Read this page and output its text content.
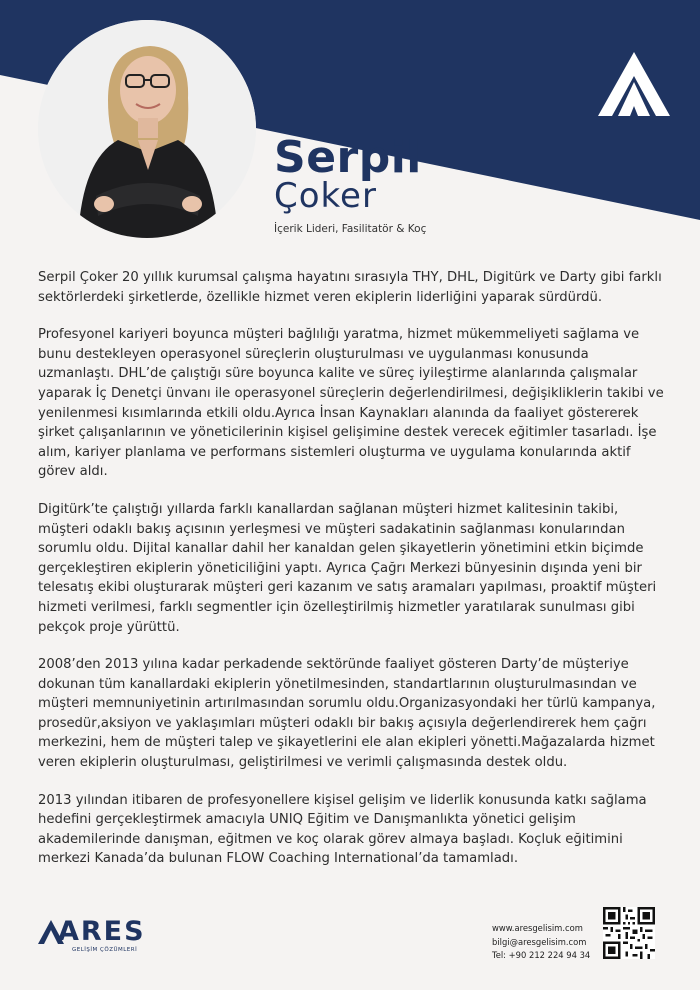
Serpil
Çoker
İçerik Lideri, Fasilitatör & Koç

Serpil Çoker 20 yıllık kurumsal çalışma hayatını sırasıyla THY, DHL, Digitürk ve Darty gibi farklı sektörlerdeki şirketlerde, özellikle hizmet veren ekiplerin liderliğini yaparak sürdürdü.

Profesyonel kariyeri boyunca müşteri bağlılığı yaratma, hizmet mükemmeliyeti sağlama ve bunu destekleyen operasyonel süreçlerin oluşturulması ve uygulanması konusunda uzmanlaştı. DHL’de çalıştığı süre boyunca kalite ve süreç iyileştirme alanlarında çalışmalar yaparak İç Denetçi ünvanı ile operasyonel süreçlerin değerlendirilmesi, değişikliklerin takibi ve yenilenmesi kısımlarında etkili oldu.Ayrıca İnsan Kaynakları alanında da faaliyet göstererek şirket çalışanlarının ve yöneticilerinin kişisel gelişimine destek verecek eğitimler tasarladı. İşe alım, kariyer planlama ve performans sistemleri oluşturma ve uygulama konularında aktif görev aldı.

Digitürk’te çalıştığı yıllarda farklı kanallardan sağlanan müşteri hizmet kalitesinin takibi, müşteri odaklı bakış açısının yerleşmesi ve müşteri sadakatinin sağlanması konularından sorumlu oldu. Dijital kanallar dahil her kanaldan gelen şikayetlerin yönetimini etkin biçimde gerçekleştiren ekiplerin yöneticiliğini yaptı. Ayrıca Çağrı Merkezi bünyesinin dışında yeni bir telesatış ekibi oluşturarak müşteri geri kazanım ve satış aramaları yapılması, proaktif müşteri hizmeti verilmesi, farklı segmentler için özelleştirilmiş hizmetler yaratılarak sunulması gibi pekçok proje yürüttü.

2008’den 2013 yılına kadar perkadende sektöründe faaliyet gösteren Darty’de müşteriye dokunan tüm kanallardaki ekiplerin yönetilmesinden, standartlarının oluşturulmasından ve müşteri memnuniyetinin artırılmasından sorumlu oldu.Organizasyondaki her türlü kampanya, prosedür,aksiyon ve yaklaşımları müşteri odaklı bir bakış açısıyla değerlendirerek hem çağrı merkezini, hem de müşteri talep ve şikayetlerini ele alan ekipleri yönetti.Mağazalarda hizmet veren ekiplerin oluşturulması, geliştirilmesi ve verimli çalışmasında destek oldu.

2013 yılından itibaren de profesyonellere kişisel gelişim ve liderlik konusunda katkı sağlama hedefini gerçekleştirmek amacıyla UNIQ Eğitim ve Danışmanlıkta yönetici gelişim akademilerinde danışman, eğitmen ve koç olarak görev almaya başladı. Koçluk eğitimini merkezi Kanada’da bulunan FLOW Coaching International’da tamamladı.

ARES
GELİŞİM ÇÖZÜMLERİ
www.aresgelisim.com
bilgi@aresgelisim.com
Tel: +90 212 224 94 34
